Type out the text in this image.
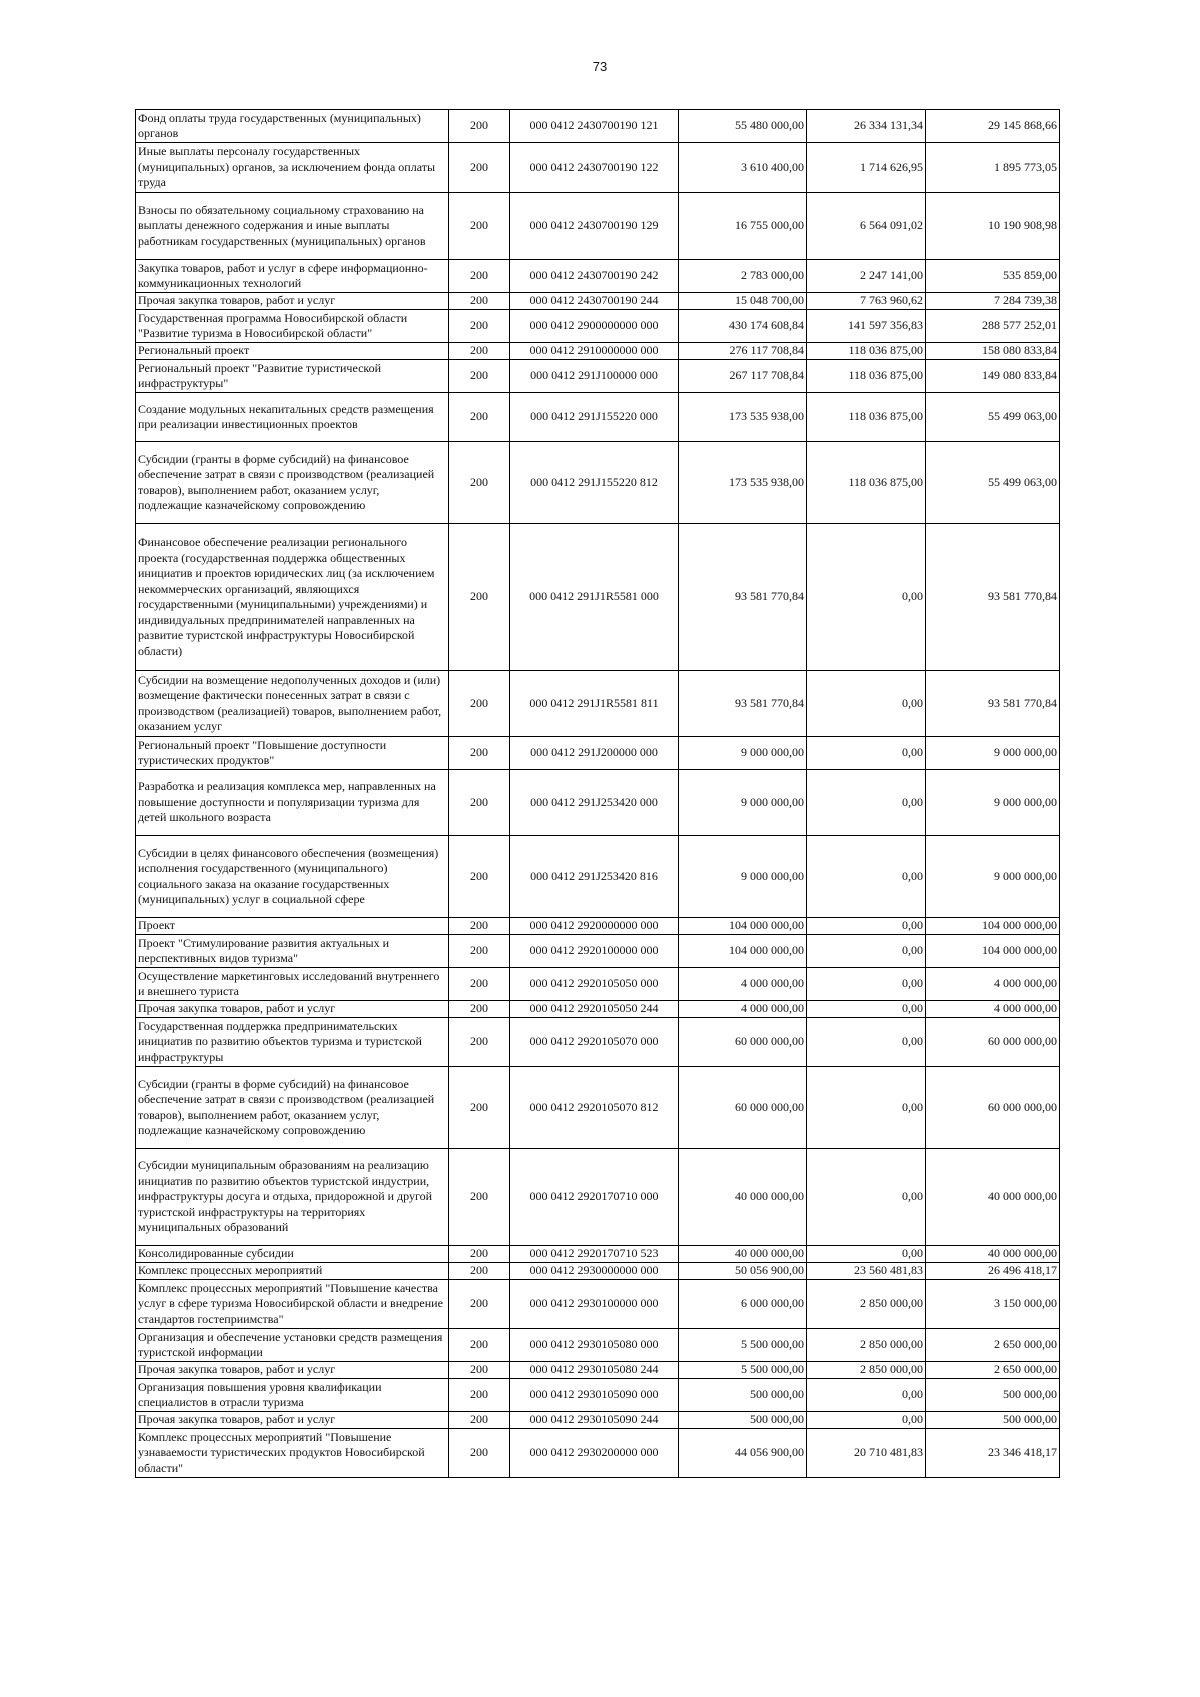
73
Фонд оплаты труда государственных (муниципальных) органов	200	000 0412 2430700190 121	55 480 000,00	26 334 131,34	29 145 868,66
Иные выплаты персоналу государственных (муниципальных) органов, за исключением фонда оплаты труда	200	000 0412 2430700190 122	3 610 400,00	1 714 626,95	1 895 773,05
Взносы по обязательному социальному страхованию на выплаты денежного содержания и иные выплаты работникам государственных (муниципальных) органов	200	000 0412 2430700190 129	16 755 000,00	6 564 091,02	10 190 908,98
Закупка товаров, работ и услуг в сфере информационно-коммуникационных технологий	200	000 0412 2430700190 242	2 783 000,00	2 247 141,00	535 859,00
Прочая закупка товаров, работ и услуг	200	000 0412 2430700190 244	15 048 700,00	7 763 960,62	7 284 739,38
Государственная программа Новосибирской области "Развитие туризма в Новосибирской области"	200	000 0412 2900000000 000	430 174 608,84	141 597 356,83	288 577 252,01
Региональный проект	200	000 0412 2910000000 000	276 117 708,84	118 036 875,00	158 080 833,84
Региональный проект "Развитие туристической инфраструктуры"	200	000 0412 291J100000 000	267 117 708,84	118 036 875,00	149 080 833,84
Создание модульных некапитальных средств размещения при реализации инвестиционных проектов	200	000 0412 291J155220 000	173 535 938,00	118 036 875,00	55 499 063,00
Субсидии (гранты в форме субсидий) на финансовое обеспечение затрат в связи с производством (реализацией товаров), выполнением работ, оказанием услуг, подлежащие казначейскому сопровождению	200	000 0412 291J155220 812	173 535 938,00	118 036 875,00	55 499 063,00
Финансовое обеспечение реализации регионального проекта (государственная поддержка общественных инициатив и проектов юридических лиц (за исключением некоммерческих организаций, являющихся государственными (муниципальными) учреждениями) и индивидуальных предпринимателей направленных на развитие туристской инфраструктуры Новосибирской области)	200	000 0412 291J1R5581 000	93 581 770,84	0,00	93 581 770,84
Субсидии на возмещение недополученных доходов и (или) возмещение фактически понесенных затрат в связи с производством (реализацией) товаров, выполнением работ, оказанием услуг	200	000 0412 291J1R5581 811	93 581 770,84	0,00	93 581 770,84
Региональный проект "Повышение доступности туристических продуктов"	200	000 0412 291J200000 000	9 000 000,00	0,00	9 000 000,00
Разработка и реализация комплекса мер, направленных на повышение доступности и популяризации туризма для детей школьного возраста	200	000 0412 291J253420 000	9 000 000,00	0,00	9 000 000,00
Субсидии в целях финансового обеспечения (возмещения) исполнения государственного (муниципального) социального заказа на оказание государственных (муниципальных) услуг в социальной сфере	200	000 0412 291J253420 816	9 000 000,00	0,00	9 000 000,00
Проект	200	000 0412 2920000000 000	104 000 000,00	0,00	104 000 000,00
Проект "Стимулирование развития актуальных и перспективных видов туризма"	200	000 0412 2920100000 000	104 000 000,00	0,00	104 000 000,00
Осуществление маркетинговых исследований внутреннего и внешнего туриста	200	000 0412 2920105050 000	4 000 000,00	0,00	4 000 000,00
Прочая закупка товаров, работ и услуг	200	000 0412 2920105050 244	4 000 000,00	0,00	4 000 000,00
Государственная поддержка предпринимательских инициатив по развитию объектов туризма и туристской инфраструктуры	200	000 0412 2920105070 000	60 000 000,00	0,00	60 000 000,00
Субсидии (гранты в форме субсидий) на финансовое обеспечение затрат в связи с производством (реализацией товаров), выполнением работ, оказанием услуг, подлежащие казначейскому сопровождению	200	000 0412 2920105070 812	60 000 000,00	0,00	60 000 000,00
Субсидии муниципальным образованиям на реализацию инициатив по развитию объектов туристской индустрии, инфраструктуры досуга и отдыха, придорожной и другой туристской инфраструктуры на территориях муниципальных образований	200	000 0412 2920170710 000	40 000 000,00	0,00	40 000 000,00
Консолидированные субсидии	200	000 0412 2920170710 523	40 000 000,00	0,00	40 000 000,00
Комплекс процессных мероприятий	200	000 0412 2930000000 000	50 056 900,00	23 560 481,83	26 496 418,17
Комплекс процессных мероприятий "Повышение качества услуг в сфере туризма Новосибирской области и внедрение стандартов гостеприимства"	200	000 0412 2930100000 000	6 000 000,00	2 850 000,00	3 150 000,00
Организация и обеспечение установки средств размещения туристской информации	200	000 0412 2930105080 000	5 500 000,00	2 850 000,00	2 650 000,00
Прочая закупка товаров, работ и услуг	200	000 0412 2930105080 244	5 500 000,00	2 850 000,00	2 650 000,00
Организация повышения уровня квалификации специалистов в отрасли туризма	200	000 0412 2930105090 000	500 000,00	0,00	500 000,00
Прочая закупка товаров, работ и услуг	200	000 0412 2930105090 244	500 000,00	0,00	500 000,00
Комплекс процессных мероприятий "Повышение узнаваемости туристических продуктов Новосибирской области"	200	000 0412 2930200000 000	44 056 900,00	20 710 481,83	23 346 418,17
